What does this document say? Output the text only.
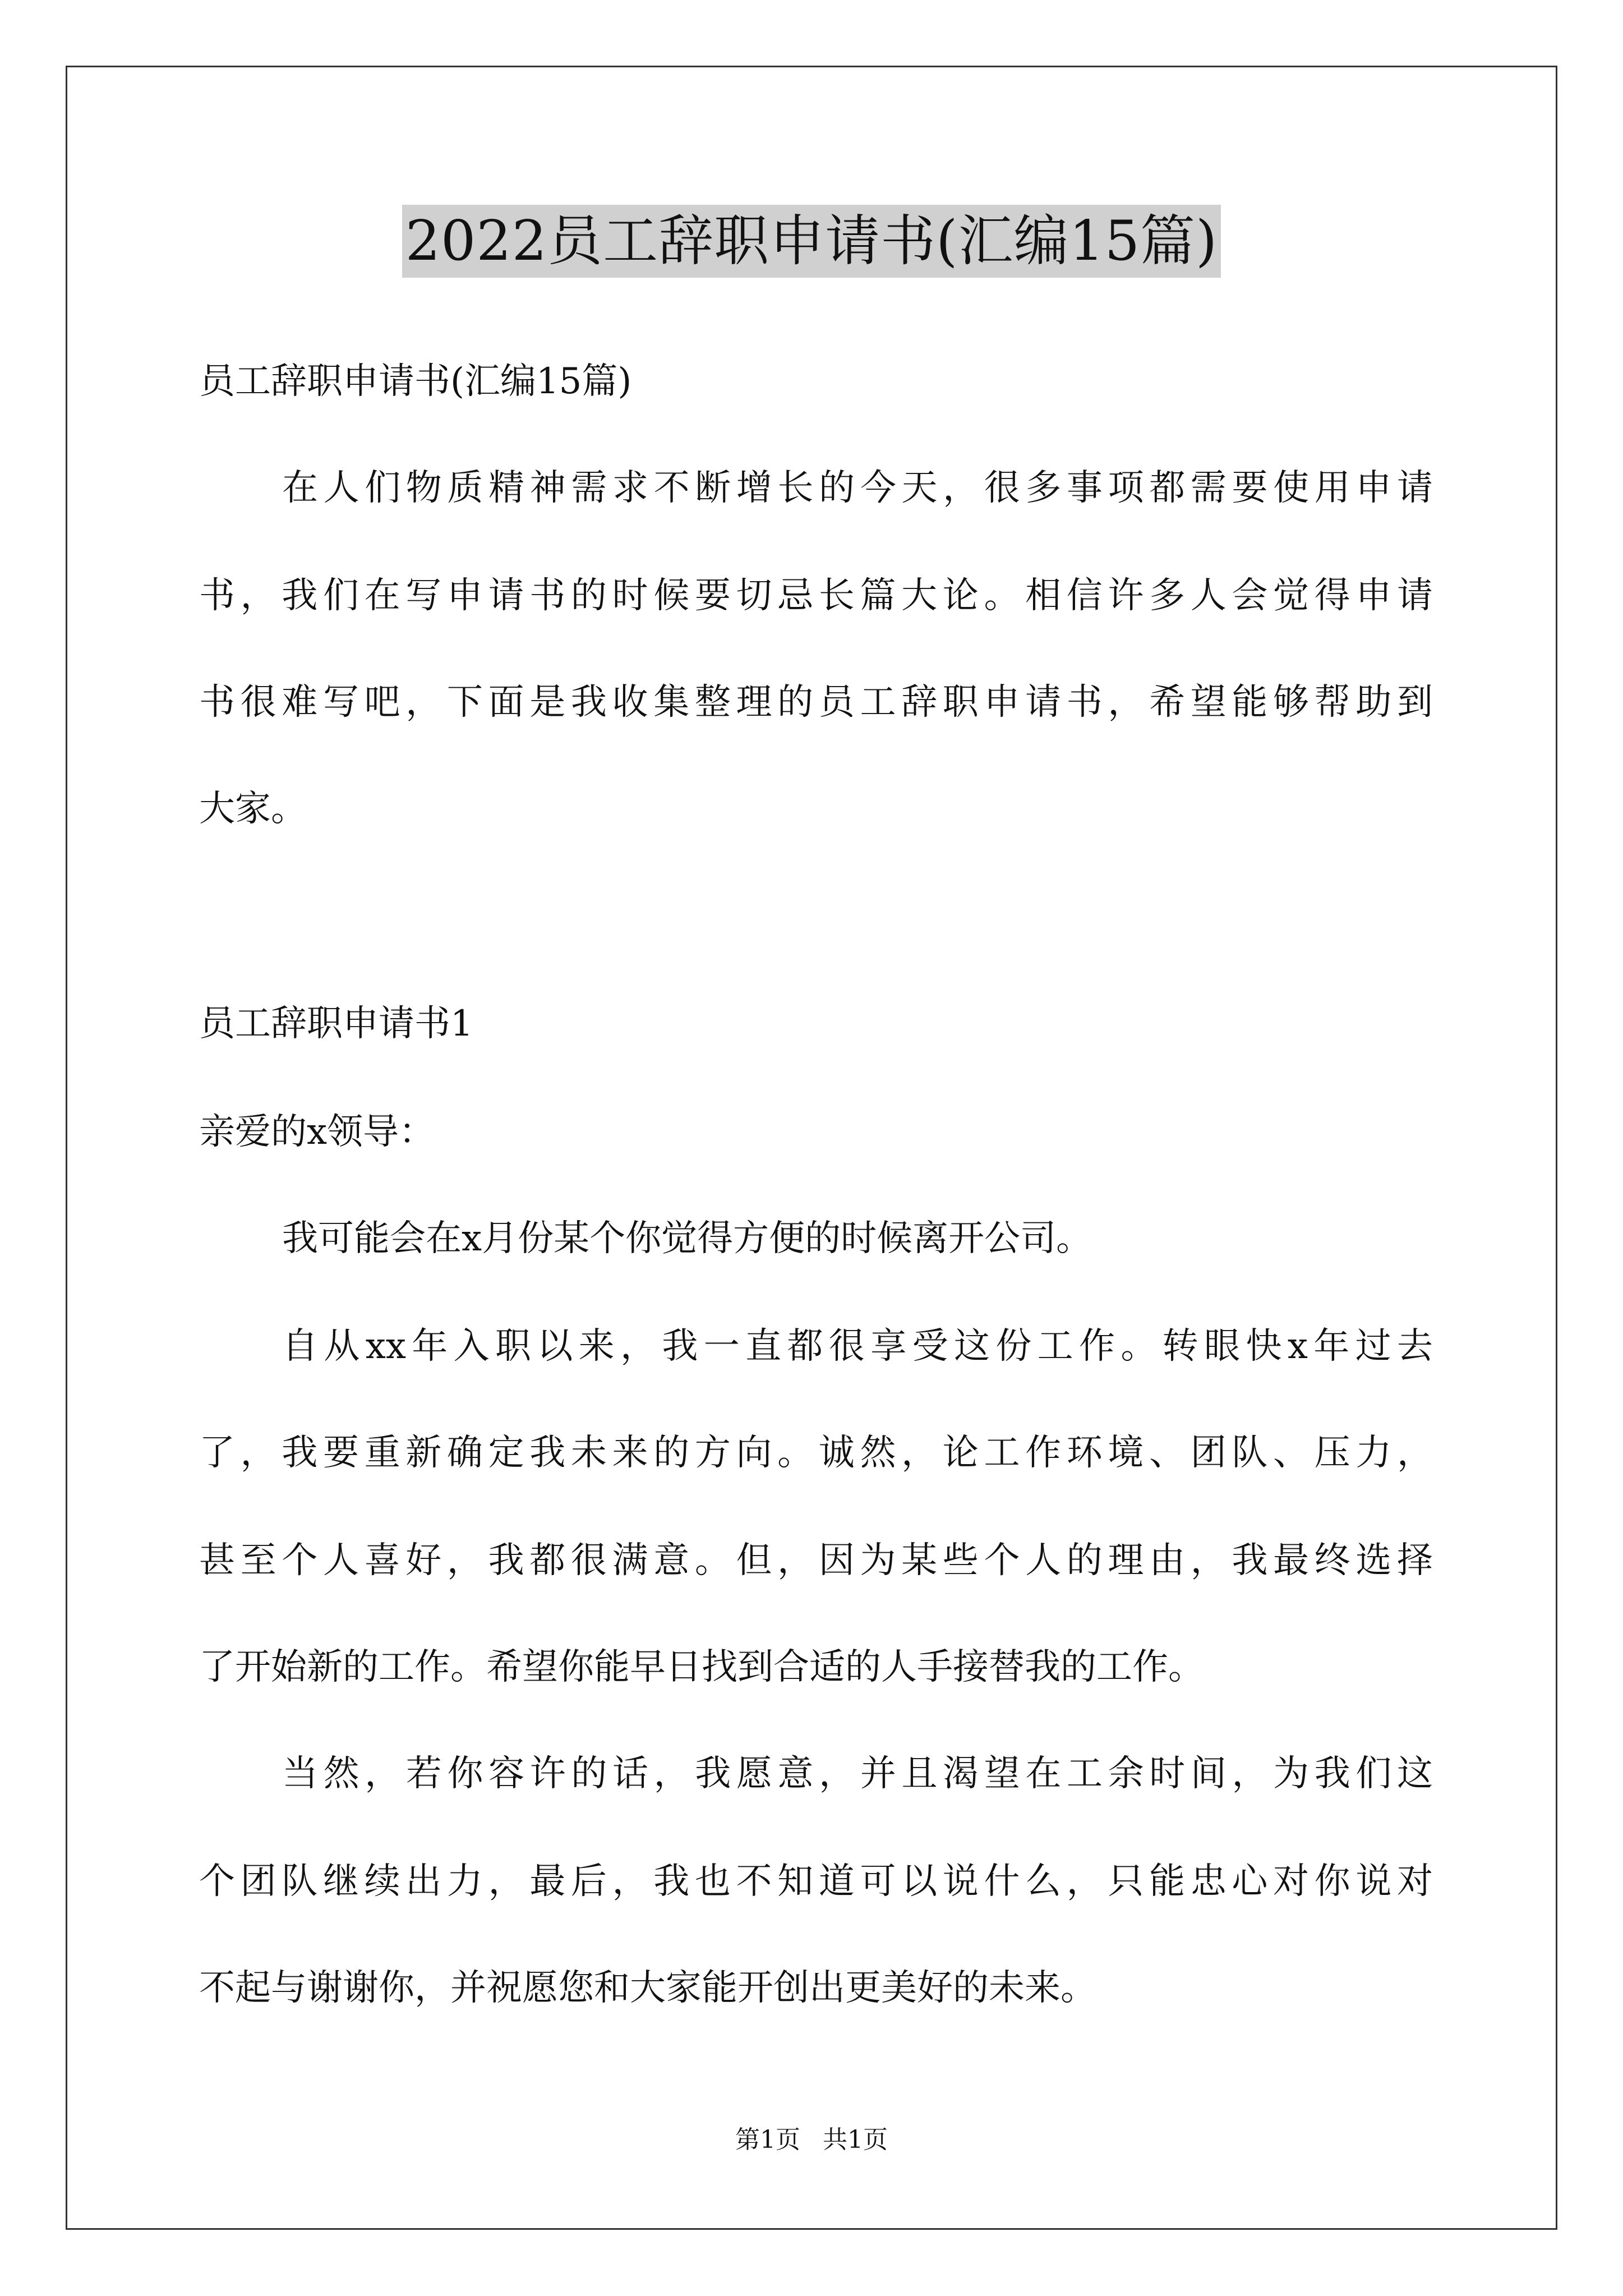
2022员工辞职申请书(汇编15篇)
员工辞职申请书(汇编15篇)
在人们物质精神需求不断增长的今天，很多事项都需要使用申请
书，我们在写申请书的时候要切忌长篇大论。相信许多人会觉得申请
书很难写吧，下面是我收集整理的员工辞职申请书，希望能够帮助到
大家。
员工辞职申请书1
亲爱的x领导：
我可能会在x月份某个你觉得方便的时候离开公司。
自从xx年入职以来，我一直都很享受这份工作。转眼快x年过去
了，我要重新确定我未来的方向。诚然，论工作环境、团队、压力，
甚至个人喜好，我都很满意。但，因为某些个人的理由，我最终选择
了开始新的工作。希望你能早日找到合适的人手接替我的工作。
当然，若你容许的话，我愿意，并且渴望在工余时间，为我们这
个团队继续出力，最后，我也不知道可以说什么，只能忠心对你说对
不起与谢谢你，并祝愿您和大家能开创出更美好的未来。
第1页 共1页
